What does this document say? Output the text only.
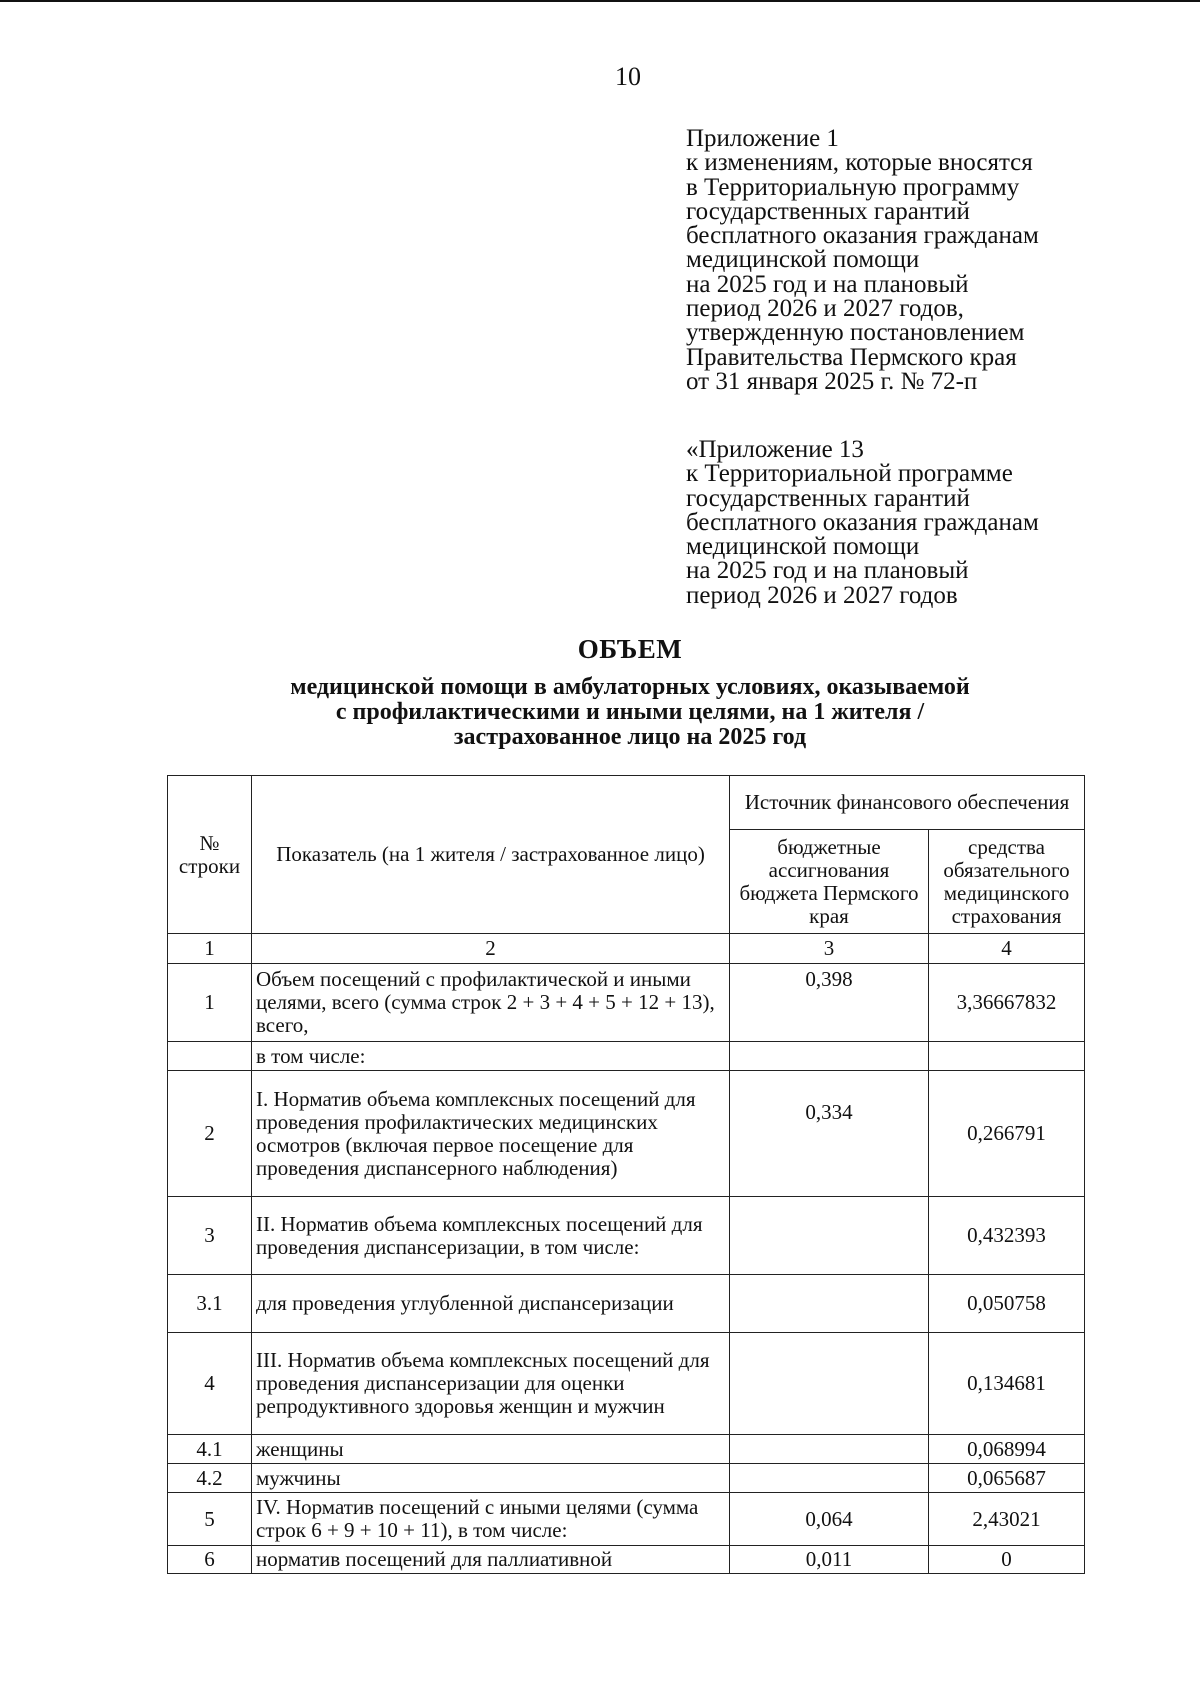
10
Приложение 1
к изменениям, которые вносятся
в Территориальную программу
государственных гарантий
бесплатного оказания гражданам
медицинской помощи
на 2025 год и на плановый
период 2026 и 2027 годов,
утвержденную постановлением
Правительства Пермского края
от 31 января 2025 г. № 72-п
«Приложение 13
к Территориальной программе
государственных гарантий
бесплатного оказания гражданам
медицинской помощи
на 2025 год и на плановый
период 2026 и 2027 годов
ОБЪЕМ
медицинской помощи в амбулаторных условиях, оказываемой
с профилактическими и иными целями, на 1 жителя /
застрахованное лицо на 2025 год
№ строки	Показатель (на 1 жителя / застрахованное лицо)	Источник финансового обеспечения	
		бюджетные ассигнования бюджета Пермского края	средства обязательного медицинского страхования
1	2	3	4
1	Объем посещений с профилактической и иными целями, всего (сумма строк 2 + 3 + 4 + 5 + 12 + 13), всего,	0,398	3,36667832
	в том числе:		
2	I. Норматив объема комплексных посещений для проведения профилактических медицинских осмотров (включая первое посещение для проведения диспансерного наблюдения)	0,334	0,266791
3	II. Норматив объема комплексных посещений для проведения диспансеризации, в том числе:		0,432393
3.1	для проведения углубленной диспансеризации		0,050758
4	III. Норматив объема комплексных посещений для проведения диспансеризации для оценки репродуктивного здоровья женщин и мужчин		0,134681
4.1	женщины		0,068994
4.2	мужчины		0,065687
5	IV. Норматив посещений с иными целями (сумма строк 6 + 9 + 10 + 11), в том числе:	0,064	2,43021
6	норматив посещений для паллиативной	0,011	0
